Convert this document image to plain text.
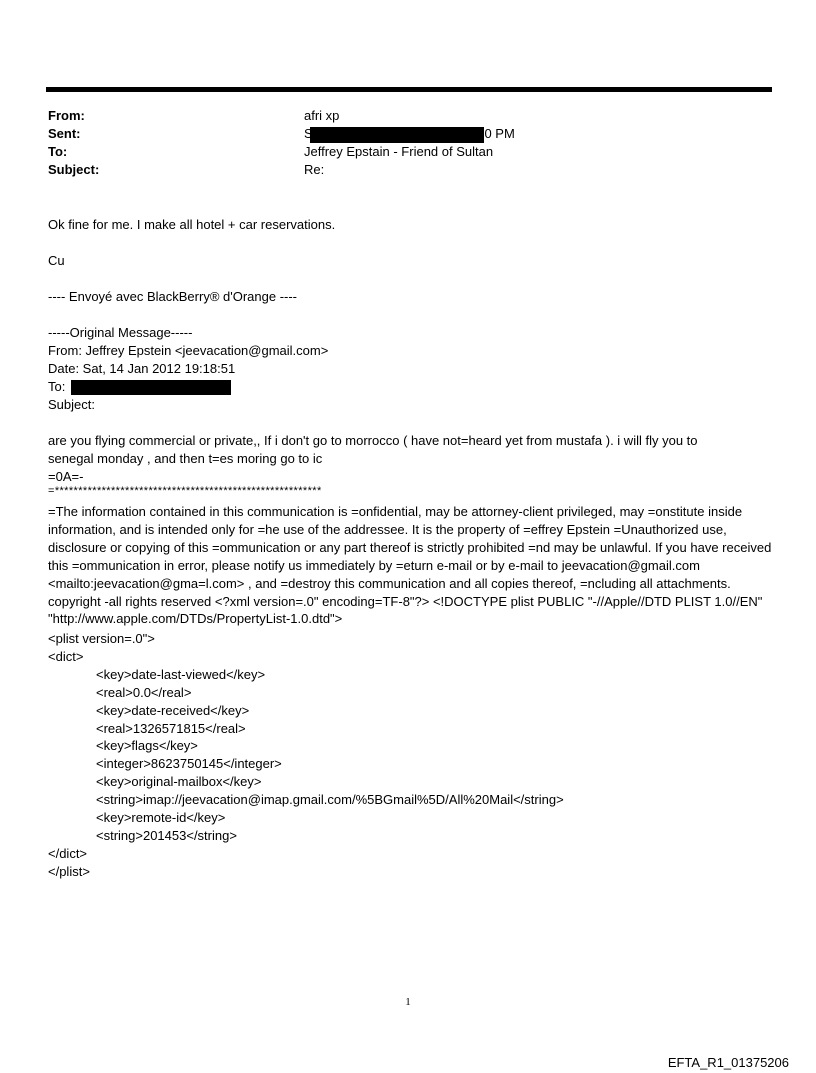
From:	afri xp
Sent:	Saturday, January 14, 2012 8:10 PM
To:	Jeffrey Epstain - Friend of Sultan
Subject:	Re:
Ok fine for me. I make all hotel + car reservations.
Cu
---- Envoyé avec BlackBerry® d'Orange ----
-----Original Message-----
From: Jeffrey Epstein <jeevacation@gmail.com>
Date: Sat, 14 Jan 2012 19:18:51
To:
Subject:
are you flying commercial or private,, If i don't go to morrocco ( have not=heard yet from mustafa ). i will fly you to
senegal monday , and then t=es moring go to ic
=0A=-
=*********************************************************
=The information contained in this communication is =onfidential, may be attorney-client privileged, may =onstitute inside information, and is intended only for =he use of the addressee. It is the property of =effrey Epstein =Unauthorized use, disclosure or copying of this =ommunication or any part thereof is strictly prohibited =nd may be unlawful. If you have received this =ommunication in error, please notify us immediately by =eturn e-mail or by e-mail to jeevacation@gmail.com <mailto:jeevacation@gma=l.com> , and =destroy this communication and all copies thereof, =ncluding all attachments. copyright -all rights reserved <?xml version=.0" encoding=TF-8"?> <!DOCTYPE plist PUBLIC "-//Apple//DTD PLIST 1.0//EN" "http://www.apple.com/DTDs/PropertyList-1.0.dtd">
<plist version=.0">
<dict>
<key>date-last-viewed</key>
<real>0.0</real>
<key>date-received</key>
<real>1326571815</real>
<key>flags</key>
<integer>8623750145</integer>
<key>original-mailbox</key>
<string>imap://jeevacation@imap.gmail.com/%5BGmail%5D/All%20Mail</string>
<key>remote-id</key>
<string>201453</string>
</dict>
</plist>
1
EFTA_R1_01375206
